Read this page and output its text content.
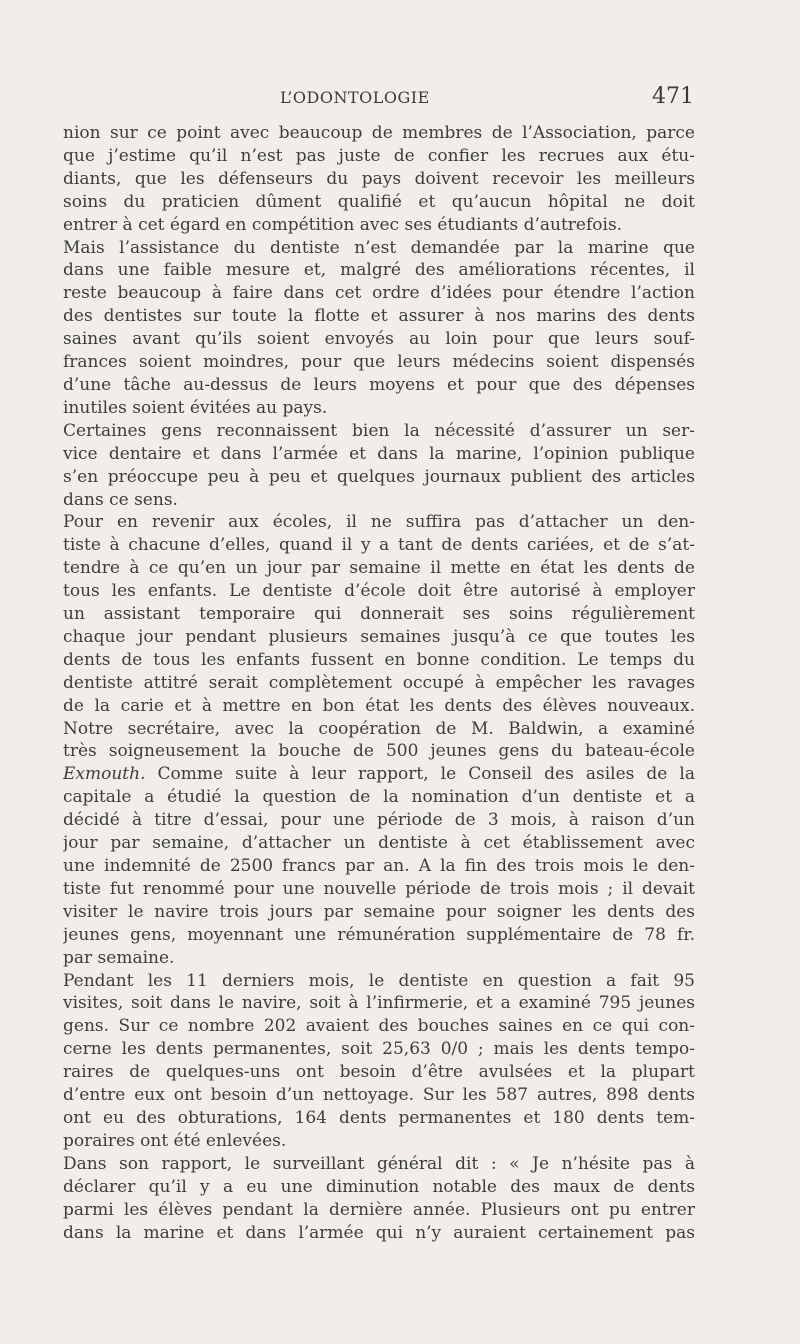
L’ODONTOLOGIE	471
nion sur ce point avec beaucoup de membres de l’Association, parce
que j’estime qu’il n’est pas juste de confier les recrues aux étu-
diants, que les défenseurs du pays doivent recevoir les meilleurs
soins du praticien dûment qualifié et qu’aucun hôpital ne doit
entrer à cet égard en compétition avec ses étudiants d’autrefois.
Mais l’assistance du dentiste n’est demandée par la marine que
dans une faible mesure et, malgré des améliorations récentes, il
reste beaucoup à faire dans cet ordre d’idées pour étendre l’action
des dentistes sur toute la flotte et assurer à nos marins des dents
saines avant qu’ils soient envoyés au loin pour que leurs souf-
frances soient moindres, pour que leurs médecins soient dispensés
d’une tâche au-dessus de leurs moyens et pour que des dépenses
inutiles soient évitées au pays.
Certaines gens reconnaissent bien la nécessité d’assurer un ser-
vice dentaire et dans l’armée et dans la marine, l’opinion publique
s’en préoccupe peu à peu et quelques journaux publient des articles
dans ce sens.
Pour en revenir aux écoles, il ne suffira pas d’attacher un den-
tiste à chacune d’elles, quand il y a tant de dents cariées, et de s’at-
tendre à ce qu’en un jour par semaine il mette en état les dents de
tous les enfants. Le dentiste d’école doit être autorisé à employer
un assistant temporaire qui donnerait ses soins régulièrement
chaque jour pendant plusieurs semaines jusqu’à ce que toutes les
dents de tous les enfants fussent en bonne condition. Le temps du
dentiste attitré serait complètement occupé à empêcher les ravages
de la carie et à mettre en bon état les dents des élèves nouveaux.
Notre secrétaire, avec la coopération de M. Baldwin, a examiné
très soigneusement la bouche de 500 jeunes gens du bateau-école
Exmouth. Comme suite à leur rapport, le Conseil des asiles de la
capitale a étudié la question de la nomination d’un dentiste et a
décidé à titre d’essai, pour une période de 3 mois, à raison d’un
jour par semaine, d’attacher un dentiste à cet établissement avec
une indemnité de 2500 francs par an. A la fin des trois mois le den-
tiste fut renommé pour une nouvelle période de trois mois ; il devait
visiter le navire trois jours par semaine pour soigner les dents des
jeunes gens, moyennant une rémunération supplémentaire de 78 fr.
par semaine.
Pendant les 11 derniers mois, le dentiste en question a fait 95
visites, soit dans le navire, soit à l’infirmerie, et a examiné 795 jeunes
gens. Sur ce nombre 202 avaient des bouches saines en ce qui con-
cerne les dents permanentes, soit 25,63 0/0 ; mais les dents tempo-
raires de quelques-uns ont besoin d’être avulsées et la plupart
d’entre eux ont besoin d’un nettoyage. Sur les 587 autres, 898 dents
ont eu des obturations, 164 dents permanentes et 180 dents tem-
poraires ont été enlevées.
Dans son rapport, le surveillant général dit : « Je n’hésite pas à
déclarer qu’il y a eu une diminution notable des maux de dents
parmi les élèves pendant la dernière année. Plusieurs ont pu entrer
dans la marine et dans l’armée qui n’y auraient certainement pas
